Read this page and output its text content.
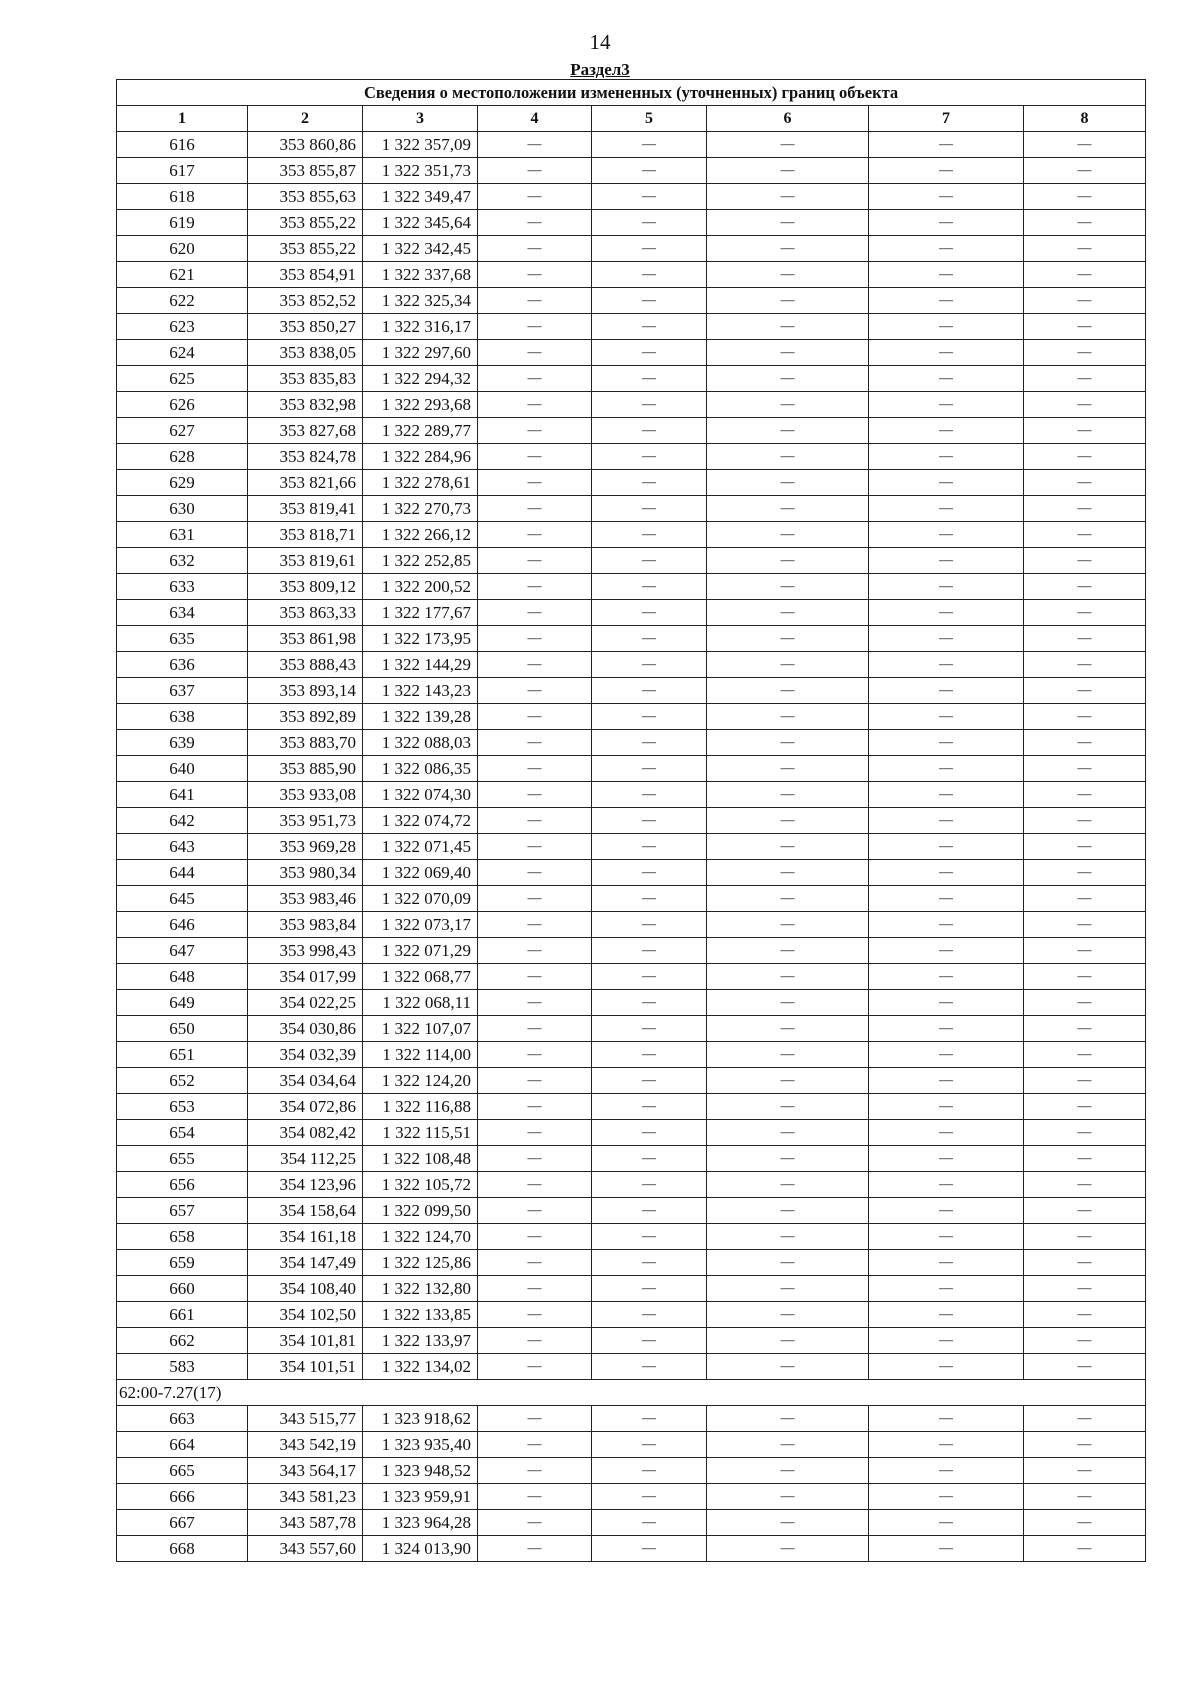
14
Раздел3
Сведения о местоположении измененных (уточненных) границ объекта							
1	2	3	4	5	6	7	8
616	353 860,86	1 322 357,09	—	—	—	—	—
617	353 855,87	1 322 351,73	—	—	—	—	—
618	353 855,63	1 322 349,47	—	—	—	—	—
619	353 855,22	1 322 345,64	—	—	—	—	—
620	353 855,22	1 322 342,45	—	—	—	—	—
621	353 854,91	1 322 337,68	—	—	—	—	—
622	353 852,52	1 322 325,34	—	—	—	—	—
623	353 850,27	1 322 316,17	—	—	—	—	—
624	353 838,05	1 322 297,60	—	—	—	—	—
625	353 835,83	1 322 294,32	—	—	—	—	—
626	353 832,98	1 322 293,68	—	—	—	—	—
627	353 827,68	1 322 289,77	—	—	—	—	—
628	353 824,78	1 322 284,96	—	—	—	—	—
629	353 821,66	1 322 278,61	—	—	—	—	—
630	353 819,41	1 322 270,73	—	—	—	—	—
631	353 818,71	1 322 266,12	—	—	—	—	—
632	353 819,61	1 322 252,85	—	—	—	—	—
633	353 809,12	1 322 200,52	—	—	—	—	—
634	353 863,33	1 322 177,67	—	—	—	—	—
635	353 861,98	1 322 173,95	—	—	—	—	—
636	353 888,43	1 322 144,29	—	—	—	—	—
637	353 893,14	1 322 143,23	—	—	—	—	—
638	353 892,89	1 322 139,28	—	—	—	—	—
639	353 883,70	1 322 088,03	—	—	—	—	—
640	353 885,90	1 322 086,35	—	—	—	—	—
641	353 933,08	1 322 074,30	—	—	—	—	—
642	353 951,73	1 322 074,72	—	—	—	—	—
643	353 969,28	1 322 071,45	—	—	—	—	—
644	353 980,34	1 322 069,40	—	—	—	—	—
645	353 983,46	1 322 070,09	—	—	—	—	—
646	353 983,84	1 322 073,17	—	—	—	—	—
647	353 998,43	1 322 071,29	—	—	—	—	—
648	354 017,99	1 322 068,77	—	—	—	—	—
649	354 022,25	1 322 068,11	—	—	—	—	—
650	354 030,86	1 322 107,07	—	—	—	—	—
651	354 032,39	1 322 114,00	—	—	—	—	—
652	354 034,64	1 322 124,20	—	—	—	—	—
653	354 072,86	1 322 116,88	—	—	—	—	—
654	354 082,42	1 322 115,51	—	—	—	—	—
655	354 112,25	1 322 108,48	—	—	—	—	—
656	354 123,96	1 322 105,72	—	—	—	—	—
657	354 158,64	1 322 099,50	—	—	—	—	—
658	354 161,18	1 322 124,70	—	—	—	—	—
659	354 147,49	1 322 125,86	—	—	—	—	—
660	354 108,40	1 322 132,80	—	—	—	—	—
661	354 102,50	1 322 133,85	—	—	—	—	—
662	354 101,81	1 322 133,97	—	—	—	—	—
583	354 101,51	1 322 134,02	—	—	—	—	—
62:00-7.27(17)							
663	343 515,77	1 323 918,62	—	—	—	—	—
664	343 542,19	1 323 935,40	—	—	—	—	—
665	343 564,17	1 323 948,52	—	—	—	—	—
666	343 581,23	1 323 959,91	—	—	—	—	—
667	343 587,78	1 323 964,28	—	—	—	—	—
668	343 557,60	1 324 013,90	—	—	—	—	—
